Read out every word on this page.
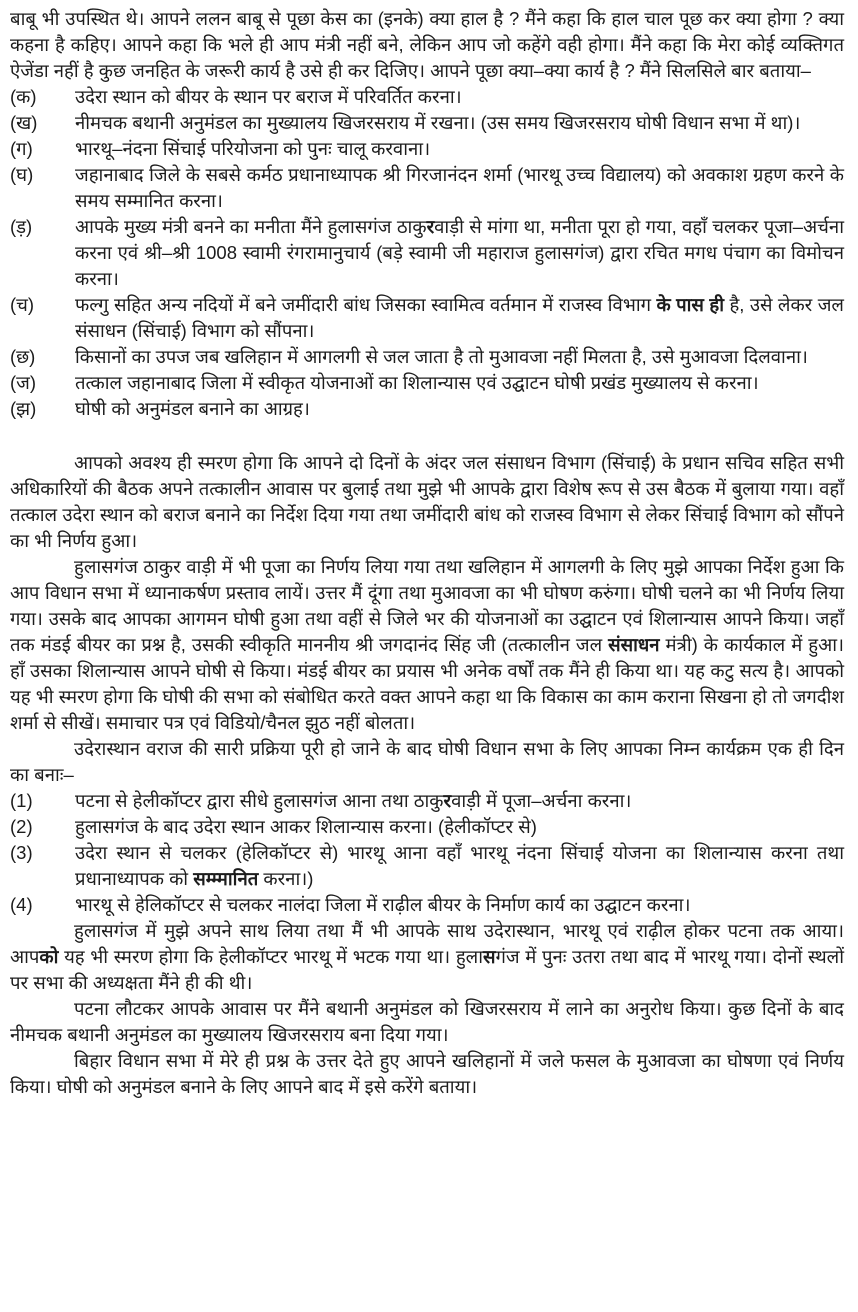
बाबू भी उपस्थित थे। आपने ललन बाबू से पूछा केस का (इनके) क्या हाल है ? मैंने कहा कि हाल चाल पूछ कर क्या होगा ? क्या कहना है कहिए। आपने कहा कि भले ही आप मंत्री नहीं बने, लेकिन आप जो कहेंगे वही होगा। मैंने कहा कि मेरा कोई व्यक्तिगत ऐजेंडा नहीं है कुछ जनहित के जरूरी कार्य है उसे ही कर दिजिए। आपने पूछा क्या–क्या कार्य है ? मैंने सिलसिले बार बताया–

(क)	उदेरा स्थान को बीयर के स्थान पर बराज में परिवर्तित करना।
(ख)	नीमचक बथानी अनुमंडल का मुख्यालय खिजरसराय में रखना। (उस समय खिजरसराय घोषी विधान सभा में था)।
(ग)	भारथू–नंदना सिंचाई परियोजना को पुनः चालू करवाना।
(घ)	जहानाबाद जिले के सबसे कर्मठ प्रधानाध्यापक श्री गिरजानंदन शर्मा (भारथू उच्च विद्यालय) को अवकाश ग्रहण करने के समय सम्मानित करना।
(ड़)	आपके मुख्य मंत्री बनने का मनीता मैंने हुलासगंज ठाकुरवाड़ी से मांगा था, मनीता पूरा हो गया, वहाँ चलकर पूजा–अर्चना करना एवं श्री–श्री 1008 स्वामी रंगरामानुचार्य (बड़े स्वामी जी महाराज हुलासगंज) द्वारा रचित मगध पंचाग का विमोचन करना।
(च)	फल्गु सहित अन्य नदियों में बने जमींदारी बांध जिसका स्वामित्व वर्तमान में राजस्व विभाग के पास ही है, उसे लेकर जल संसाधन (सिंचाई) विभाग को सौंपना।
(छ)	किसानों का उपज जब खलिहान में आगलगी से जल जाता है तो मुआवजा नहीं मिलता है, उसे मुआवजा दिलवाना।
(ज)	तत्काल जहानाबाद जिला में स्वीकृत योजनाओं का शिलान्यास एवं उद्घाटन घोषी प्रखंड मुख्यालय से करना।
(झ)	घोषी को अनुमंडल बनाने का आग्रह।

आपको अवश्य ही स्मरण होगा कि आपने दो दिनों के अंदर जल संसाधन विभाग (सिंचाई) के प्रधान सचिव सहित सभी अधिकारियों की बैठक अपने तत्कालीन आवास पर बुलाई तथा मुझे भी आपके द्वारा विशेष रूप से उस बैठक में बुलाया गया। वहाँ तत्काल उदेरा स्थान को बराज बनाने का निर्देश दिया गया तथा जमींदारी बांध को राजस्व विभाग से लेकर सिंचाई विभाग को सौंपने का भी निर्णय हुआ।

हुलासगंज ठाकुर वाड़ी में भी पूजा का निर्णय लिया गया तथा खलिहान में आगलगी के लिए मुझे आपका निर्देश हुआ कि आप विधान सभा में ध्यानाकर्षण प्रस्ताव लायें। उत्तर मैं दूंगा तथा मुआवजा का भी घोषण करुंगा। घोषी चलने का भी निर्णय लिया गया। उसके बाद आपका आगमन घोषी हुआ तथा वहीं से जिले भर की योजनाओं का उद्घाटन एवं शिलान्यास आपने किया। जहाँ तक मंडई बीयर का प्रश्न है, उसकी स्वीकृति माननीय श्री जगदानंद सिंह जी (तत्कालीन जल संसाधन मंत्री) के कार्यकाल में हुआ। हाँ उसका शिलान्यास आपने घोषी से किया। मंडई बीयर का प्रयास भी अनेक वर्षों तक मैंने ही किया था। यह कटु सत्य है। आपको यह भी स्मरण होगा कि घोषी की सभा को संबोधित करते वक्त आपने कहा था कि विकास का काम कराना सिखना हो तो जगदीश शर्मा से सीखें। समाचार पत्र एवं विडियो/चैनल झुठ नहीं बोलता।

उदेरास्थान वराज की सारी प्रक्रिया पूरी हो जाने के बाद घोषी विधान सभा के लिए आपका निम्न कार्यक्रम एक ही दिन का बनाः–

(1)	पटना से हेलीकॉप्टर द्वारा सीधे हुलासगंज आना तथा ठाकुरवाड़ी में पूजा–अर्चना करना।
(2)	हुलासगंज के बाद उदेरा स्थान आकर शिलान्यास करना। (हेलीकॉप्टर से)
(3)	उदेरा स्थान से चलकर (हेलिकॉप्टर से) भारथू आना वहाँ भारथू नंदना सिंचाई योजना का शिलान्यास करना तथा प्रधानाध्यापक को सम्म्मानित करना।)
(4)	भारथू से हेलिकॉप्टर से चलकर नालंदा जिला में राढ़ील बीयर के निर्माण कार्य का उद्घाटन करना।

हुलासगंज में मुझे अपने साथ लिया तथा मैं भी आपके साथ उदेरास्थान, भारथू एवं राढ़ील होकर पटना तक आया। आपको यह भी स्मरण होगा कि हेलीकॉप्टर भारथू में भटक गया था। हुलासगंज में पुनः उतरा तथा बाद में भारथू गया। दोनों स्थलों पर सभा की अध्यक्षता मैंने ही की थी।

पटना लौटकर आपके आवास पर मैंने बथानी अनुमंडल को खिजरसराय में लाने का अनुरोध किया। कुछ दिनों के बाद नीमचक बथानी अनुमंडल का मुख्यालय खिजरसराय बना दिया गया।

बिहार विधान सभा में मेरे ही प्रश्न के उत्तर देते हुए आपने खलिहानों में जले फसल के मुआवजा का घोषणा एवं निर्णय किया। घोषी को अनुमंडल बनाने के लिए आपने बाद में इसे करेंगे बताया।
